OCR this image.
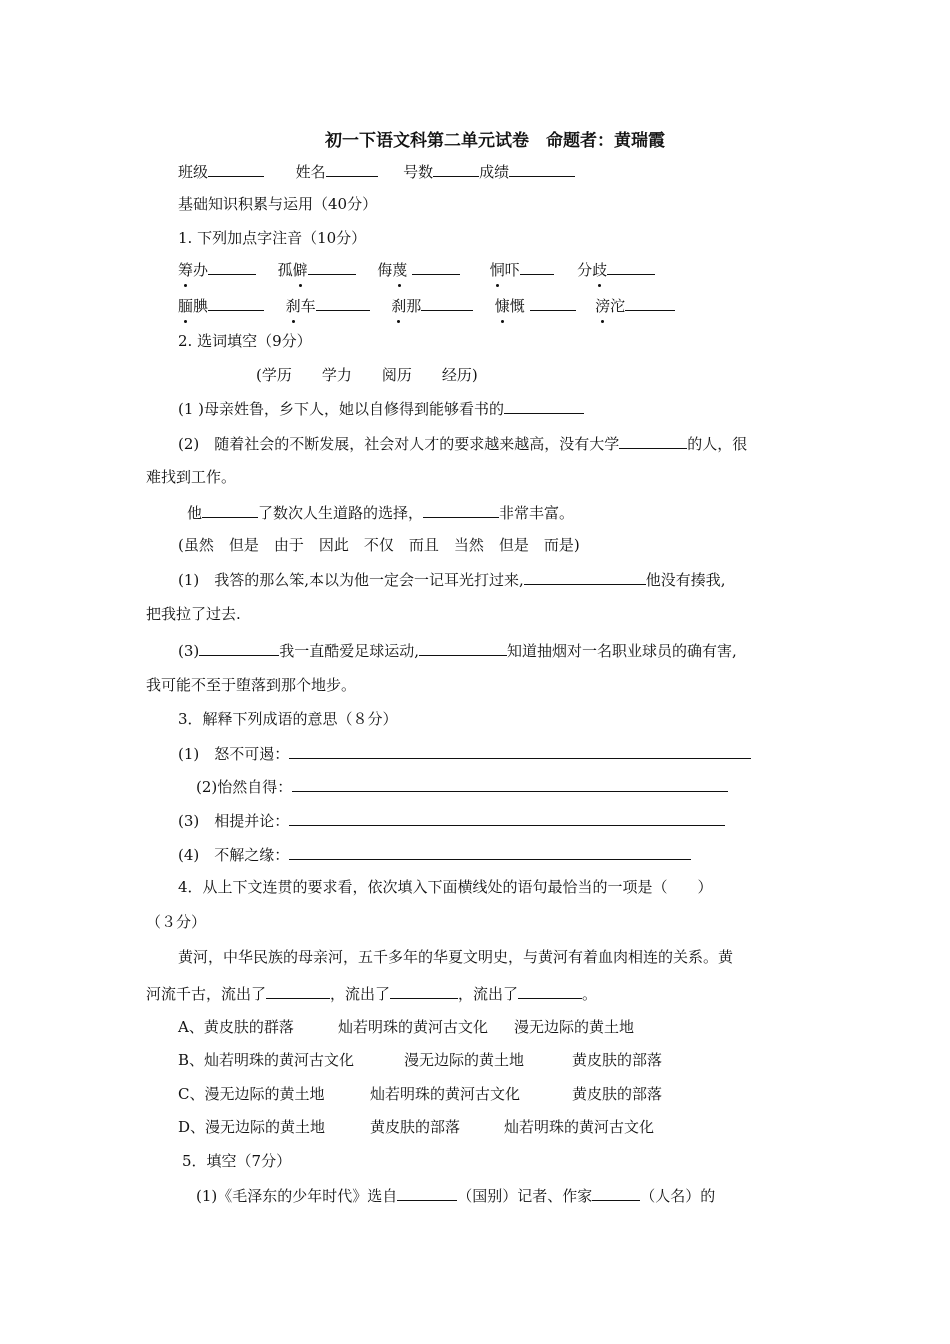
初一下语文科第二单元试卷　命题者：黄瑞霞
班级	姓名	号数	成绩
基础知识积累与运用（40分）
1. 下列加点字注音（10分）
筹办	孤僻	侮蔑	恫吓	分歧
腼腆	刹车	刹那	慷慨	滂沱
2. 选词填空（9分）
(学历　　学力　　阅历　　经历)
(1 )母亲姓鲁，乡下人，她以自修得到能够看书的
(2)　随着社会的不断发展，社会对人才的要求越来越高，没有大学	的人，很
难找到工作。
他	了数次人生道路的选择，	非常丰富。
(虽然　但是　由于　因此　不仅　而且　当然　但是　而是)
(1)　我答的那么笨,本以为他一定会一记耳光打过来,	他没有揍我,
把我拉了过去.
(3)	我一直酷爱足球运动,	知道抽烟对一名职业球员的确有害,
我可能不至于堕落到那个地步。
3．解释下列成语的意思（８分）
(1)　怒不可遏：
(2)怡然自得：
(3)　相提并论：
(4)　不解之缘：
4．从上下文连贯的要求看，依次填入下面横线处的语句最恰当的一项是（　　）
（３分）
黄河，中华民族的母亲河，五千多年的华夏文明史，与黄河有着血肉相连的关系。黄
河流千古，流出了	，流出了	，流出了	。
A、黄皮肤的群落	灿若明珠的黄河古文化 漫无边际的黄土地
B、灿若明珠的黄河古文化	漫无边际的黄土地	黄皮肤的部落
C、漫无边际的黄土地	灿若明珠的黄河古文化	黄皮肤的部落
D、漫无边际的黄土地	黄皮肤的部落	灿若明珠的黄河古文化
5．填空（7分）
(1)《毛泽东的少年时代》选自	（国别）记者、作家	（人名）的
